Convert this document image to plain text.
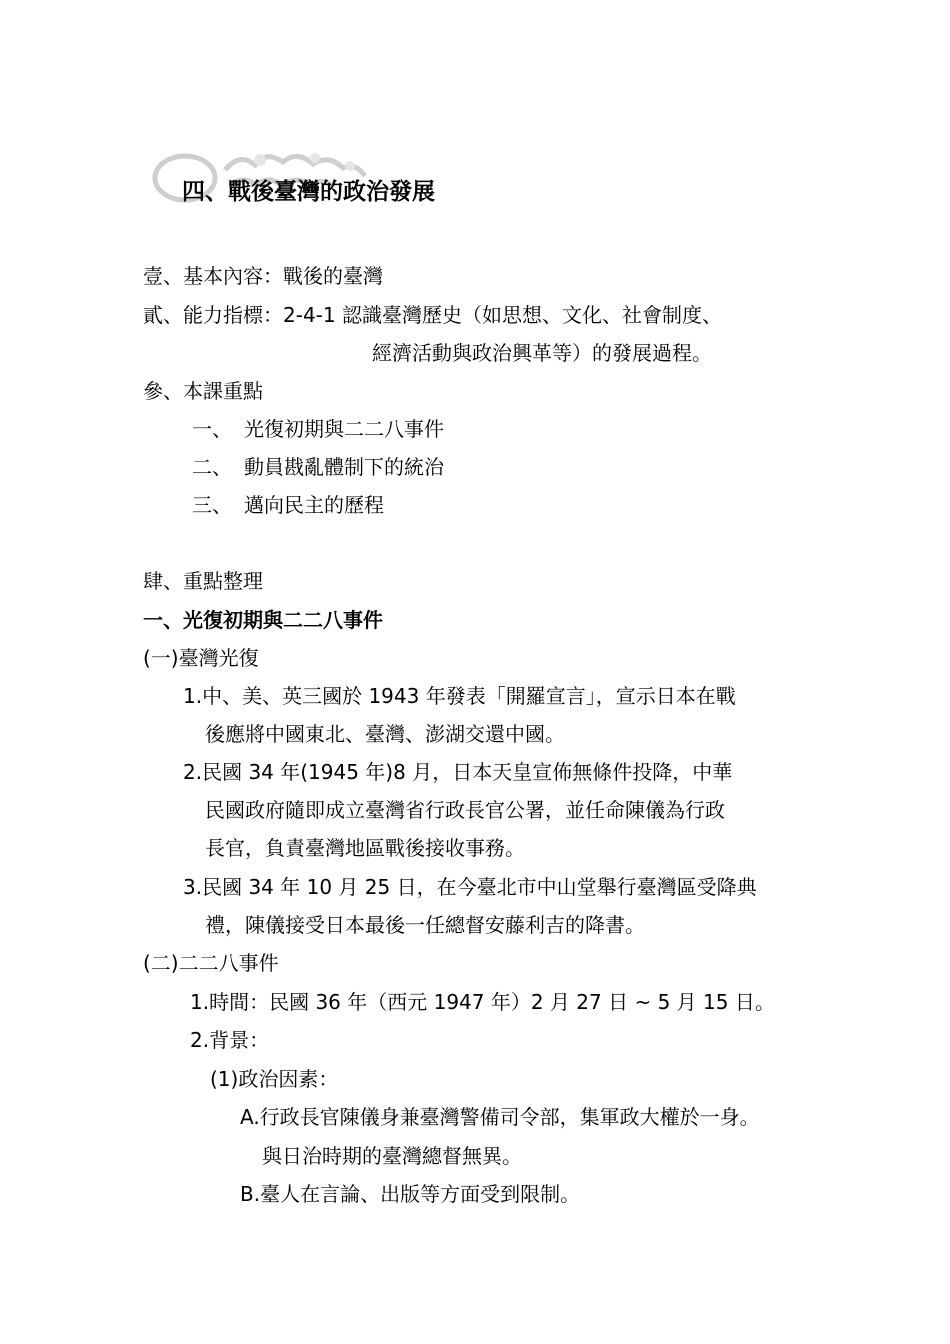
四、戰後臺灣的政治發展
壹、基本內容：戰後的臺灣
貳、能力指標：2-4-1 認識臺灣歷史（如思想、文化、社會制度、
經濟活動與政治興革等）的發展過程。
參、本課重點
一、 光復初期與二二八事件
二、 動員戡亂體制下的統治
三、 邁向民主的歷程
肆、重點整理
一、光復初期與二二八事件
(一)臺灣光復
1.中、美、英三國於 1943 年發表「開羅宣言」，宣示日本在戰
後應將中國東北、臺灣、澎湖交還中國。
2.民國 34 年(1945 年)8 月，日本天皇宣佈無條件投降，中華
民國政府隨即成立臺灣省行政長官公署，並任命陳儀為行政
長官，負責臺灣地區戰後接收事務。
3.民國 34 年 10 月 25 日，在今臺北市中山堂舉行臺灣區受降典
禮，陳儀接受日本最後一任總督安藤利吉的降書。
(二)二二八事件
1.時間：民國 36 年（西元 1947 年）2 月 27 日 ~ 5 月 15 日。
2.背景：
(1)政治因素：
A.行政長官陳儀身兼臺灣警備司令部，集軍政大權於一身。
與日治時期的臺灣總督無異。
B.臺人在言論、出版等方面受到限制。
